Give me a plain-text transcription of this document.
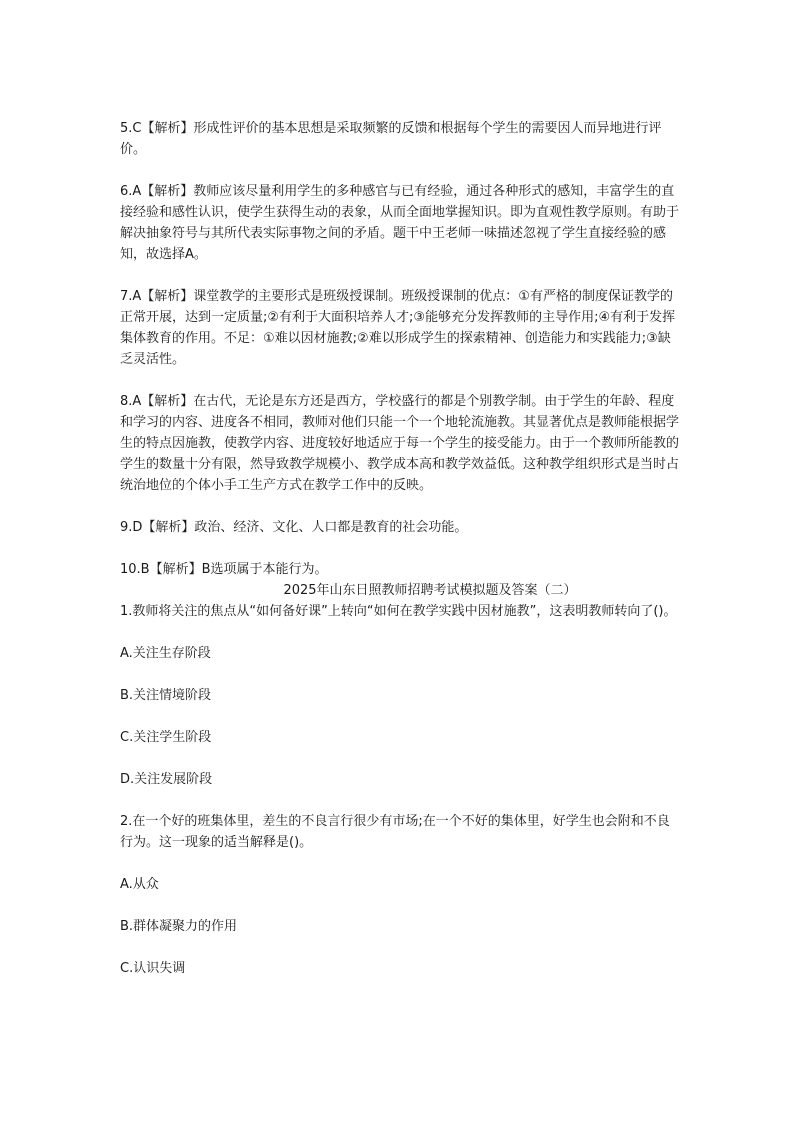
5.C【解析】形成性评价的基本思想是采取频繁的反馈和根据每个学生的需要因人而异地进行评价。

6.A【解析】教师应该尽量利用学生的多种感官与已有经验，通过各种形式的感知，丰富学生的直接经验和感性认识，使学生获得生动的表象，从而全面地掌握知识。即为直观性教学原则。有助于解决抽象符号与其所代表实际事物之间的矛盾。题干中王老师一味描述忽视了学生直接经验的感知，故选择A。

7.A【解析】课堂教学的主要形式是班级授课制。班级授课制的优点：①有严格的制度保证教学的正常开展，达到一定质量;②有利于大面积培养人才;③能够充分发挥教师的主导作用;④有利于发挥集体教育的作用。不足：①难以因材施教;②难以形成学生的探索精神、创造能力和实践能力;③缺乏灵活性。

8.A【解析】在古代，无论是东方还是西方，学校盛行的都是个别教学制。由于学生的年龄、程度和学习的内容、进度各不相同，教师对他们只能一个一个地轮流施教。其显著优点是教师能根据学生的特点因施教，使教学内容、进度较好地适应于每一个学生的接受能力。由于一个教师所能教的学生的数量十分有限，然导致教学规模小、教学成本高和教学效益低。这种教学组织形式是当时占统治地位的个体小手工生产方式在教学工作中的反映。

9.D【解析】政治、经济、文化、人口都是教育的社会功能。

10.B【解析】B选项属于本能行为。

2025年山东日照教师招聘考试模拟题及答案（二）

1.教师将关注的焦点从“如何备好课”上转向“如何在教学实践中因材施教”，这表明教师转向了()。

A.关注生存阶段

B.关注情境阶段

C.关注学生阶段

D.关注发展阶段

2.在一个好的班集体里，差生的不良言行很少有市场;在一个不好的集体里，好学生也会附和不良行为。这一现象的适当解释是()。

A.从众

B.群体凝聚力的作用

C.认识失调
